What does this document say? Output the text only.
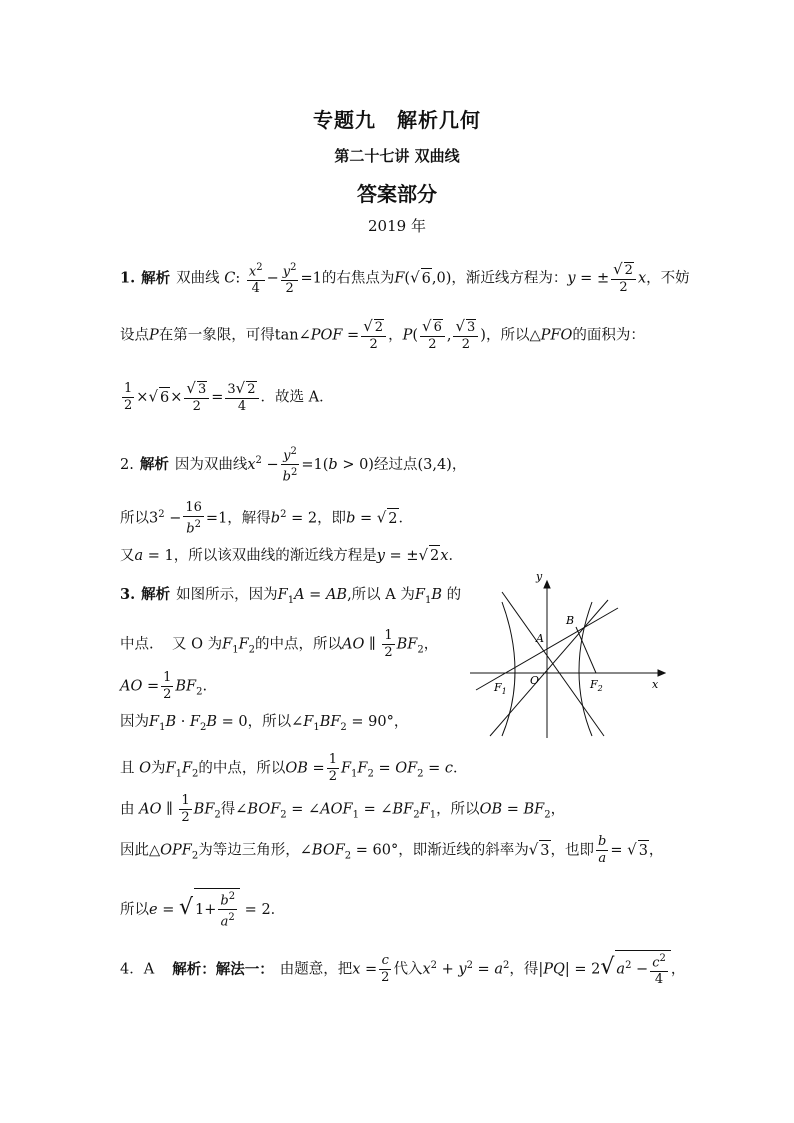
专题九　解析几何
第二十七讲 双曲线
答案部分
2019 年
1. 解析 双曲线 C: $\frac{x^2}{4} - \frac{y^2}{2} =1$的右焦点为F(√ 6,0)，渐近线方程为：y = ± $\frac{√ 2}{2}$ x，不妨
设点P在第一象限，可得tan∠POF = $\frac{√ 2}{2}$ ，$P( \frac{√ 6}{2}$ , $\frac{√ 3}{2}$ )，所以△PFO的面积为：
$\frac{1}{2}$ ×√ $6\times \frac{√ 3}{2} = \frac{3√ 2}{4}$ ．故选 A．
2. 解析 因为双曲线$x^2 - \frac{y^2}{b^2} =1(b > 0)$经过点(3,4)，
所以$3^2 - \frac{16}{b^2} =1$，解得$b^2 = 2$，即b = √ 2．
又a = 1，所以该双曲线的渐近线方程是y = ±√ 2x．
3. 解析 如图所示，因为$F_1A$ = AB,所以 A 为$F_1B$ 的
中点. 又 O 为$F_1F_2$的中点，所以AO ∥ $\frac{1}{2} BF_2$，
AO = $\frac{1}{2} BF_2$.
因为$F_1B \cdot F_2B = 0$，所以$\angle F_1BF_2 = 90^\circ$，
且 O为$F_1F_2$的中点，所以OB = $\frac{1}{2} F_1F_2 = OF_2 = c$．
由 AO ∥ $\frac{1}{2} BF_2$得$\angle BOF_2$ = $\angle AOF_1$ = $\angle BF_2F_1$，所以OB = $BF_2$，
因此$\triangle OPF_2$为等边三角形，$\angle BOF_2 = 60^\circ$，即渐近线的斜率为√ 3，也即 $\frac{b}{a}$ = √ 3，
所以e = √ $1+ \frac{b^2}{a^2} = 2$．
4．A 解析：解法一： 由题意，把$x = \frac{c}{2}$ 代入$x^2 + y^2 = a^2$，得|PQ| = 2√ $a^2 - \frac{c^2}{4}$ ，
y
x
B
A
O
$F_1$
$F_2$
